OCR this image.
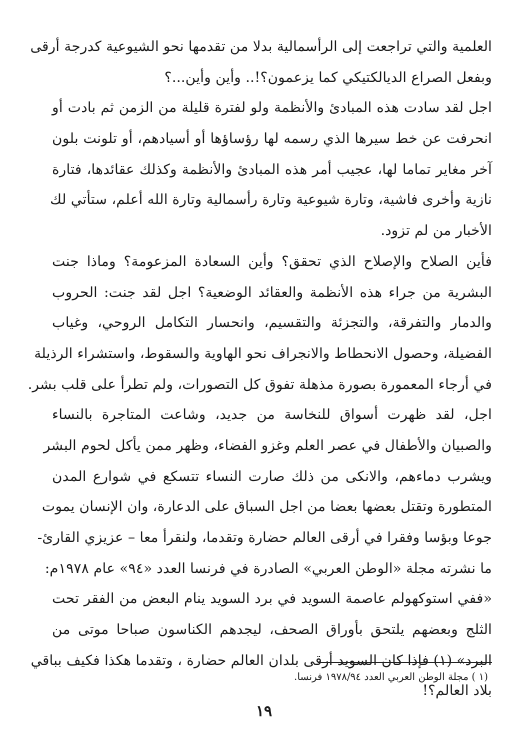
العلمية والتي تراجعت إلى الرأسمالية بدلا من تقدمها نحو الشيوعية كدرجة أرقى
وبفعل الصراع الديالكتيكي كما يزعمون؟!.. وأين وأين...؟
اجل لقد سادت هذه المبادئ والأنظمة ولو لفترة قليلة من الزمن ثم بادت أو
انحرفت عن خط سيرها الذي رسمه لها رؤساؤها أو أسيادهم، أو تلونت بلون
آخر مغاير تماما لها، عجيب أمر هذه المبادئ والأنظمة وكذلك عقائدها، فتارة
نازية وأخرى فاشية، وتارة شيوعية وتارة رأسمالية وتارة الله أعلم، ستأتي لك
الأخبار من لم تزود.
فأين الصلاح والإصلاح الذي تحقق؟ وأين السعادة المزعومة؟ وماذا جنت
البشرية من جراء هذه الأنظمة والعقائد الوضعية؟ اجل لقد جنت: الحروب
والدمار والتفرقة، والتجزئة والتقسيم، وانحسار التكامل الروحي، وغياب
الفضيلة، وحصول الانحطاط والانجراف نحو الهاوية والسقوط، واستشراء الرذيلة
في أرجاء المعمورة بصورة مذهلة تفوق كل التصورات، ولم تطرأ على قلب بشر.
اجل، لقد ظهرت أسواق للنخاسة من جديد، وشاعت المتاجرة بالنساء
والصبيان والأطفال في عصر العلم وغزو الفضاء، وظهر ممن يأكل لحوم البشر
ويشرب دماءهم، والانكى من ذلك صارت النساء تتسكع في شوارع المدن
المتطورة وتقتل بعضها بعضا من اجل السباق على الدعارة، وان الإنسان يموت
جوعا وبؤسا وفقرا في أرقى العالم حضارة وتقدما، ولنقرأ معا – عزيزي القارئ-
ما نشرته مجلة «الوطن العربي» الصادرة في فرنسا العدد «٩٤» عام ١٩٧٨م:
«ففي استوكهولم عاصمة السويد في برد السويد ينام البعض من الفقر تحت
الثلج وبعضهم يلتحق بأوراق الصحف، ليجدهم الكناسون صباحا موتى من
البرد» (١) فإذا كان السويد أرقى بلدان العالم حضارة ، وتقدما هكذا فكيف بباقي
بلاد العالم؟!
(١ ) مجلة الوطن العربي العدد ١٩٧٨/٩٤ فرنسا.
١٩
